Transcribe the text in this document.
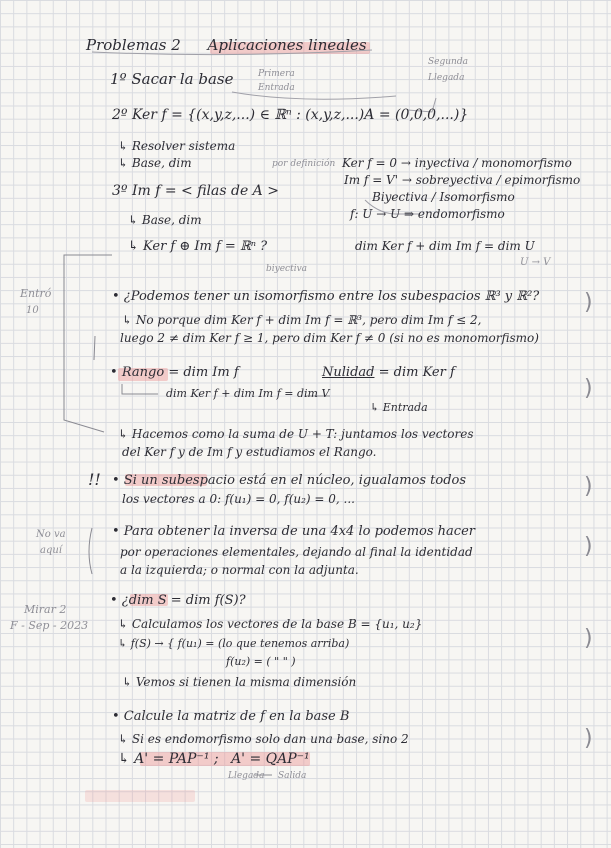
Problemas 2 Aplicaciones lineales
1º Sacar la base	Primera
Entrada
Segunda
Llegada
2º Ker f = {(x,y,z,...) ∈ ℝⁿ : (x,y,z,...)A = (0,0,0,...)}
↳ Resolver sistema
↳ Base, dim	por definición Ker f = 0 → inyectiva / monomorfismo
Im f = V' → sobreyectiva / epimorfismo
Biyectiva / Isomorfismo
f: U → U ⇒ endomorfismo
3º Im f = < filas de A >
↳ Base, dim
↳ Ker f ⊕ Im f = ℝⁿ ?
biyectiva
dim Ker f + dim Im f = dim U
U → V
Entró
10
• ¿Podemos tener un isomorfismo entre los subespacios ℝ³ y ℝ²?
↳ No porque dim Ker f + dim Im f = ℝ³, pero dim Im f ≤ 2,
luego 2 ≠ dim Ker f ≥ 1, pero dim Ker f ≠ 0 (si no es monomorfismo)
• Rango = dim Im f	Nulidad = dim Ker f
dim Ker f + dim Im f = dim V
↳ Entrada
↳ Hacemos como la suma de U + T: juntamos los vectores
del Ker f y de Im f y estudiamos el Rango.
!! • Si un subespacio está en el núcleo, igualamos todos
los vectores a 0: f(u₁) = 0, f(u₂) = 0, ...
No va
aquí
• Para obtener la inversa de una 4x4 lo podemos hacer
por operaciones elementales, dejando al final la identidad
a la izquierda; o normal con la adjunta.
Mirar 2
F - Sep - 2023
• ¿dim S = dim f(S)?
↳ Calculamos los vectores de la base B = {u₁, u₂}
↳ f(S) → { f(u₁) = (lo que tenemos arriba)
f(u₂) = ( " " )
↳ Vemos si tienen la misma dimensión
• Calcule la matriz de f en la base B
↳ Si es endomorfismo solo dan una base, sino 2
↳ A' = PAP⁻¹ ; A' = QAP⁻¹
Llegada Salida
)
)
)
)
)
)
